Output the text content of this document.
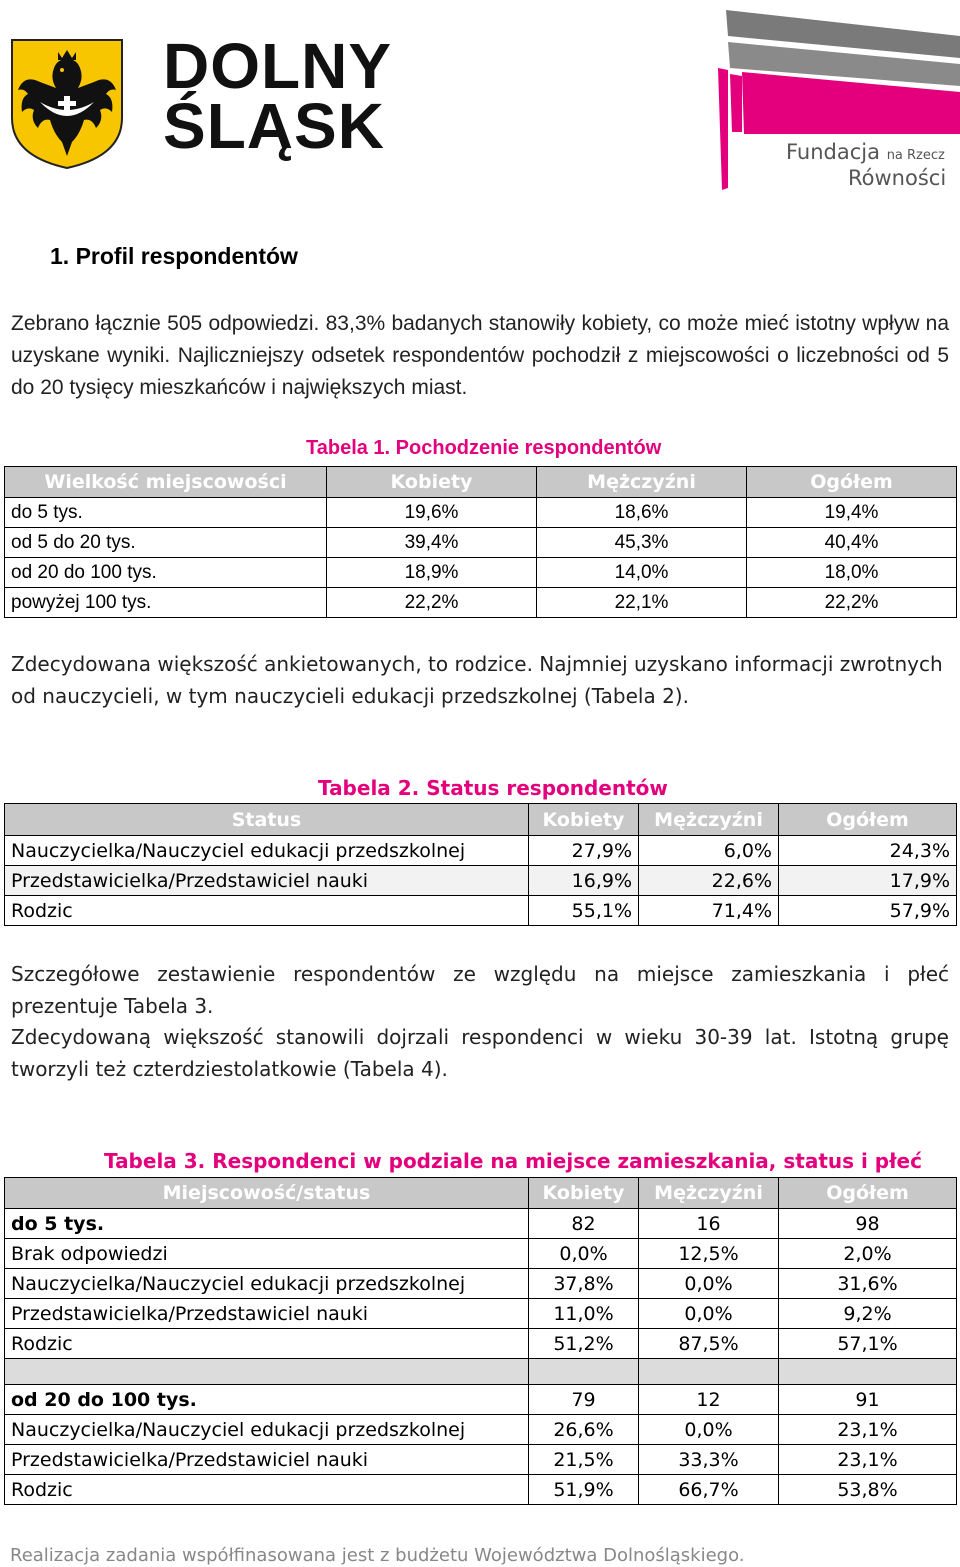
DOLNY
ŚLĄSK	Fundacja na Rzecz
Równości
1. Profil respondentów

Zebrano łącznie 505 odpowiedzi. 83,3% badanych stanowiły kobiety, co może mieć istotny wpływ na uzyskane wyniki. Najliczniejszy odsetek respondentów pochodził z miejscowości o liczebności od 5 do 20 tysięcy mieszkańców i największych miast.

Tabela 1. Pochodzenie respondentów
Wielkość miejscowości	Kobiety	Mężczyźni	Ogółem
do 5 tys.	19,6%	18,6%	19,4%
od 5 do 20 tys.	39,4%	45,3%	40,4%
od 20 do 100 tys.	18,9%	14,0%	18,0%
powyżej 100 tys.	22,2%	22,1%	22,2%

Zdecydowana większość ankietowanych, to rodzice. Najmniej uzyskano informacji zwrotnych od nauczycieli, w tym nauczycieli edukacji przedszkolnej (Tabela 2).

Tabela 2. Status respondentów
Status	Kobiety	Mężczyźni	Ogółem
Nauczycielka/Nauczyciel edukacji przedszkolnej	27,9%	6,0%	24,3%
Przedstawicielka/Przedstawiciel nauki	16,9%	22,6%	17,9%
Rodzic	55,1%	71,4%	57,9%

Szczegółowe zestawienie respondentów ze względu na miejsce zamieszkania i płeć prezentuje Tabela 3.

Zdecydowaną większość stanowili dojrzali respondenci w wieku 30-39 lat. Istotną grupę tworzyli też czterdziestolatkowie (Tabela 4).

Tabela 3. Respondenci w podziale na miejsce zamieszkania, status i płeć
Miejscowość/status	Kobiety	Mężczyźni	Ogółem
do 5 tys.	82	16	98
Brak odpowiedzi	0,0%	12,5%	2,0%
Nauczycielka/Nauczyciel edukacji przedszkolnej	37,8%	0,0%	31,6%
Przedstawicielka/Przedstawiciel nauki	11,0%	0,0%	9,2%
Rodzic	51,2%	87,5%	57,1%

od 20 do 100 tys.	79	12	91
Nauczycielka/Nauczyciel edukacji przedszkolnej	26,6%	0,0%	23,1%
Przedstawicielka/Przedstawiciel nauki	21,5%	33,3%	23,1%
Rodzic	51,9%	66,7%	53,8%
Realizacja zadania współfinasowana jest z budżetu Województwa Dolnośląskiego.
